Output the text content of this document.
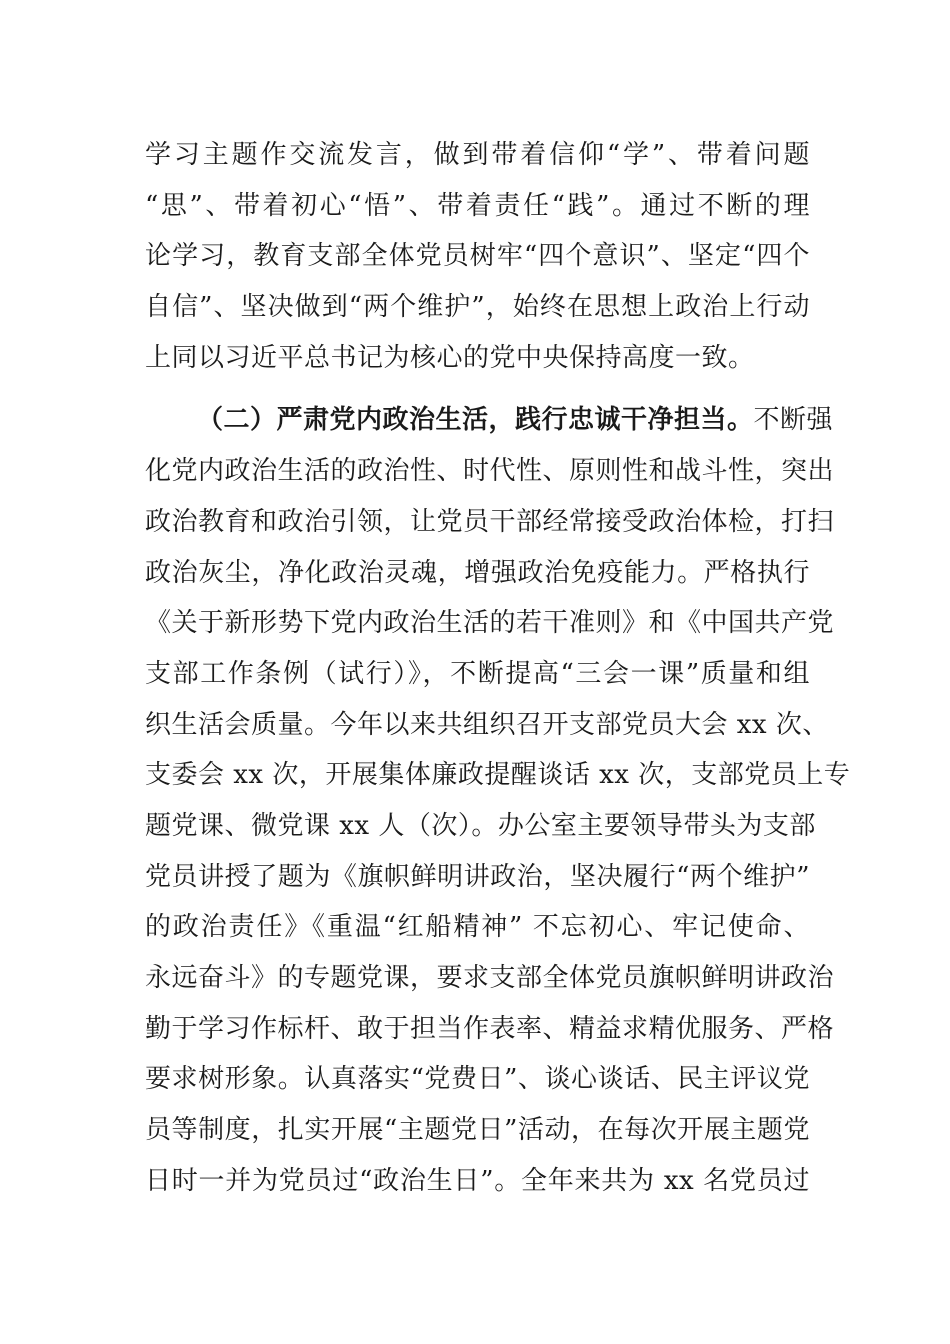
学习主题作交流发言，做到带着信仰“学”、带着问题
“思”、带着初心“悟”、带着责任“践”。通过不断的理
论学习，教育支部全体党员树牢“四个意识”、坚定“四个
自信”、坚决做到“两个维护”，始终在思想上政治上行动
上同以习近平总书记为核心的党中央保持高度一致。
（二）严肃党内政治生活，践行忠诚干净担当。不断强
化党内政治生活的政治性、时代性、原则性和战斗性，突出
政治教育和政治引领，让党员干部经常接受政治体检，打扫
政治灰尘，净化政治灵魂，增强政治免疫能力。严格执行
《关于新形势下党内政治生活的若干准则》和《中国共产党
支部工作条例（试行）》，不断提高“三会一课”质量和组
织生活会质量。今年以来共组织召开支部党员大会 xx 次、
支委会 xx 次，开展集体廉政提醒谈话 xx 次，支部党员上专
题党课、微党课 xx 人（次）。办公室主要领导带头为支部
党员讲授了题为《旗帜鲜明讲政治，坚决履行“两个维护”
的政治责任》《重温“红船精神” 不忘初心、牢记使命、
永远奋斗》的专题党课，要求支部全体党员旗帜鲜明讲政治
勤于学习作标杆、敢于担当作表率、精益求精优服务、严格
要求树形象。认真落实“党费日”、谈心谈话、民主评议党
员等制度，扎实开展“主题党日”活动，在每次开展主题党
日时一并为党员过“政治生日”。全年来共为 xx 名党员过
